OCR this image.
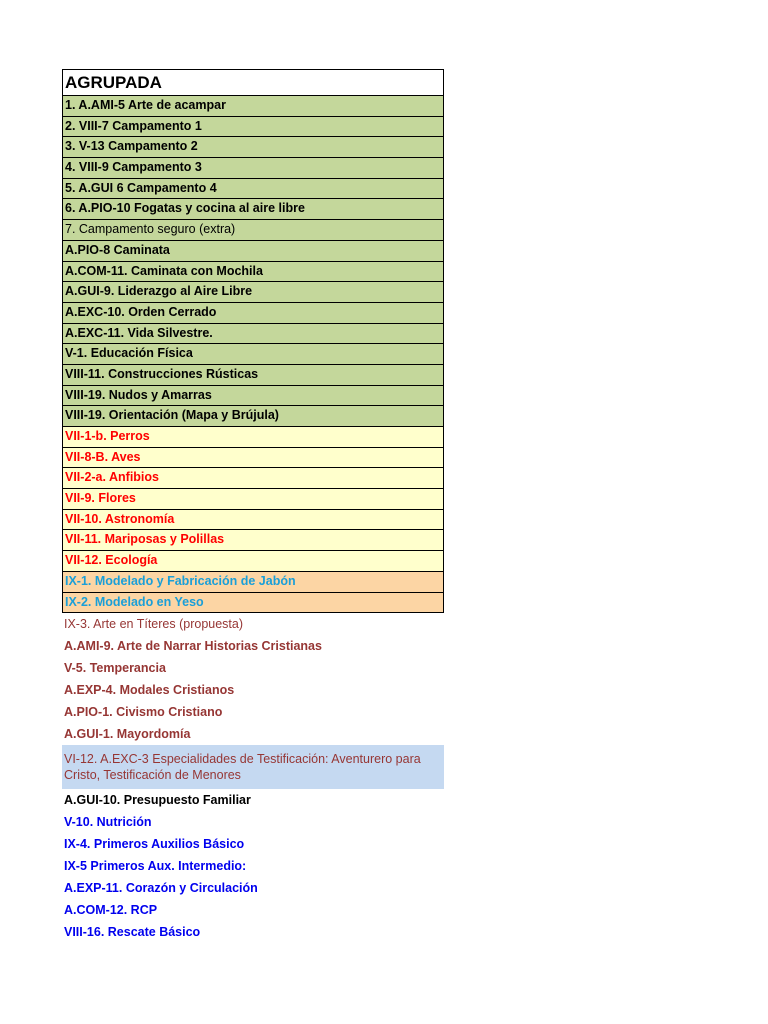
AGRUPADA
1. A.AMI-5 Arte de acampar
2. VIII-7 Campamento 1
3. V-13 Campamento 2
4. VIII-9 Campamento 3
5. A.GUI 6 Campamento 4
6. A.PIO-10 Fogatas y cocina al aire libre
7. Campamento seguro (extra)
A.PIO-8 Caminata
A.COM-11. Caminata con Mochila
A.GUI-9. Liderazgo al Aire Libre
A.EXC-10. Orden Cerrado
A.EXC-11. Vida Silvestre.
V-1. Educación Física
VIII-11. Construcciones Rústicas
VIII-19. Nudos y Amarras
VIII-19. Orientación (Mapa y Brújula)
VII-1-b. Perros
VII-8-B. Aves
VII-2-a. Anfibios
VII-9. Flores
VII-10. Astronomía
VII-11. Mariposas y Polillas
VII-12. Ecología
IX-1. Modelado y Fabricación de Jabón
IX-2. Modelado en Yeso
IX-3. Arte en Títeres (propuesta)
A.AMI-9. Arte de Narrar Historias Cristianas
V-5. Temperancia
A.EXP-4. Modales Cristianos
A.PIO-1. Civismo Cristiano
A.GUI-1. Mayordomía
VI-12. A.EXC-3 Especialidades de Testificación: Aventurero para Cristo, Testificación de Menores
A.GUI-10. Presupuesto Familiar
V-10. Nutrición
IX-4. Primeros Auxilios Básico
IX-5 Primeros Aux. Intermedio:
A.EXP-11. Corazón y Circulación
A.COM-12. RCP
VIII-16. Rescate Básico
